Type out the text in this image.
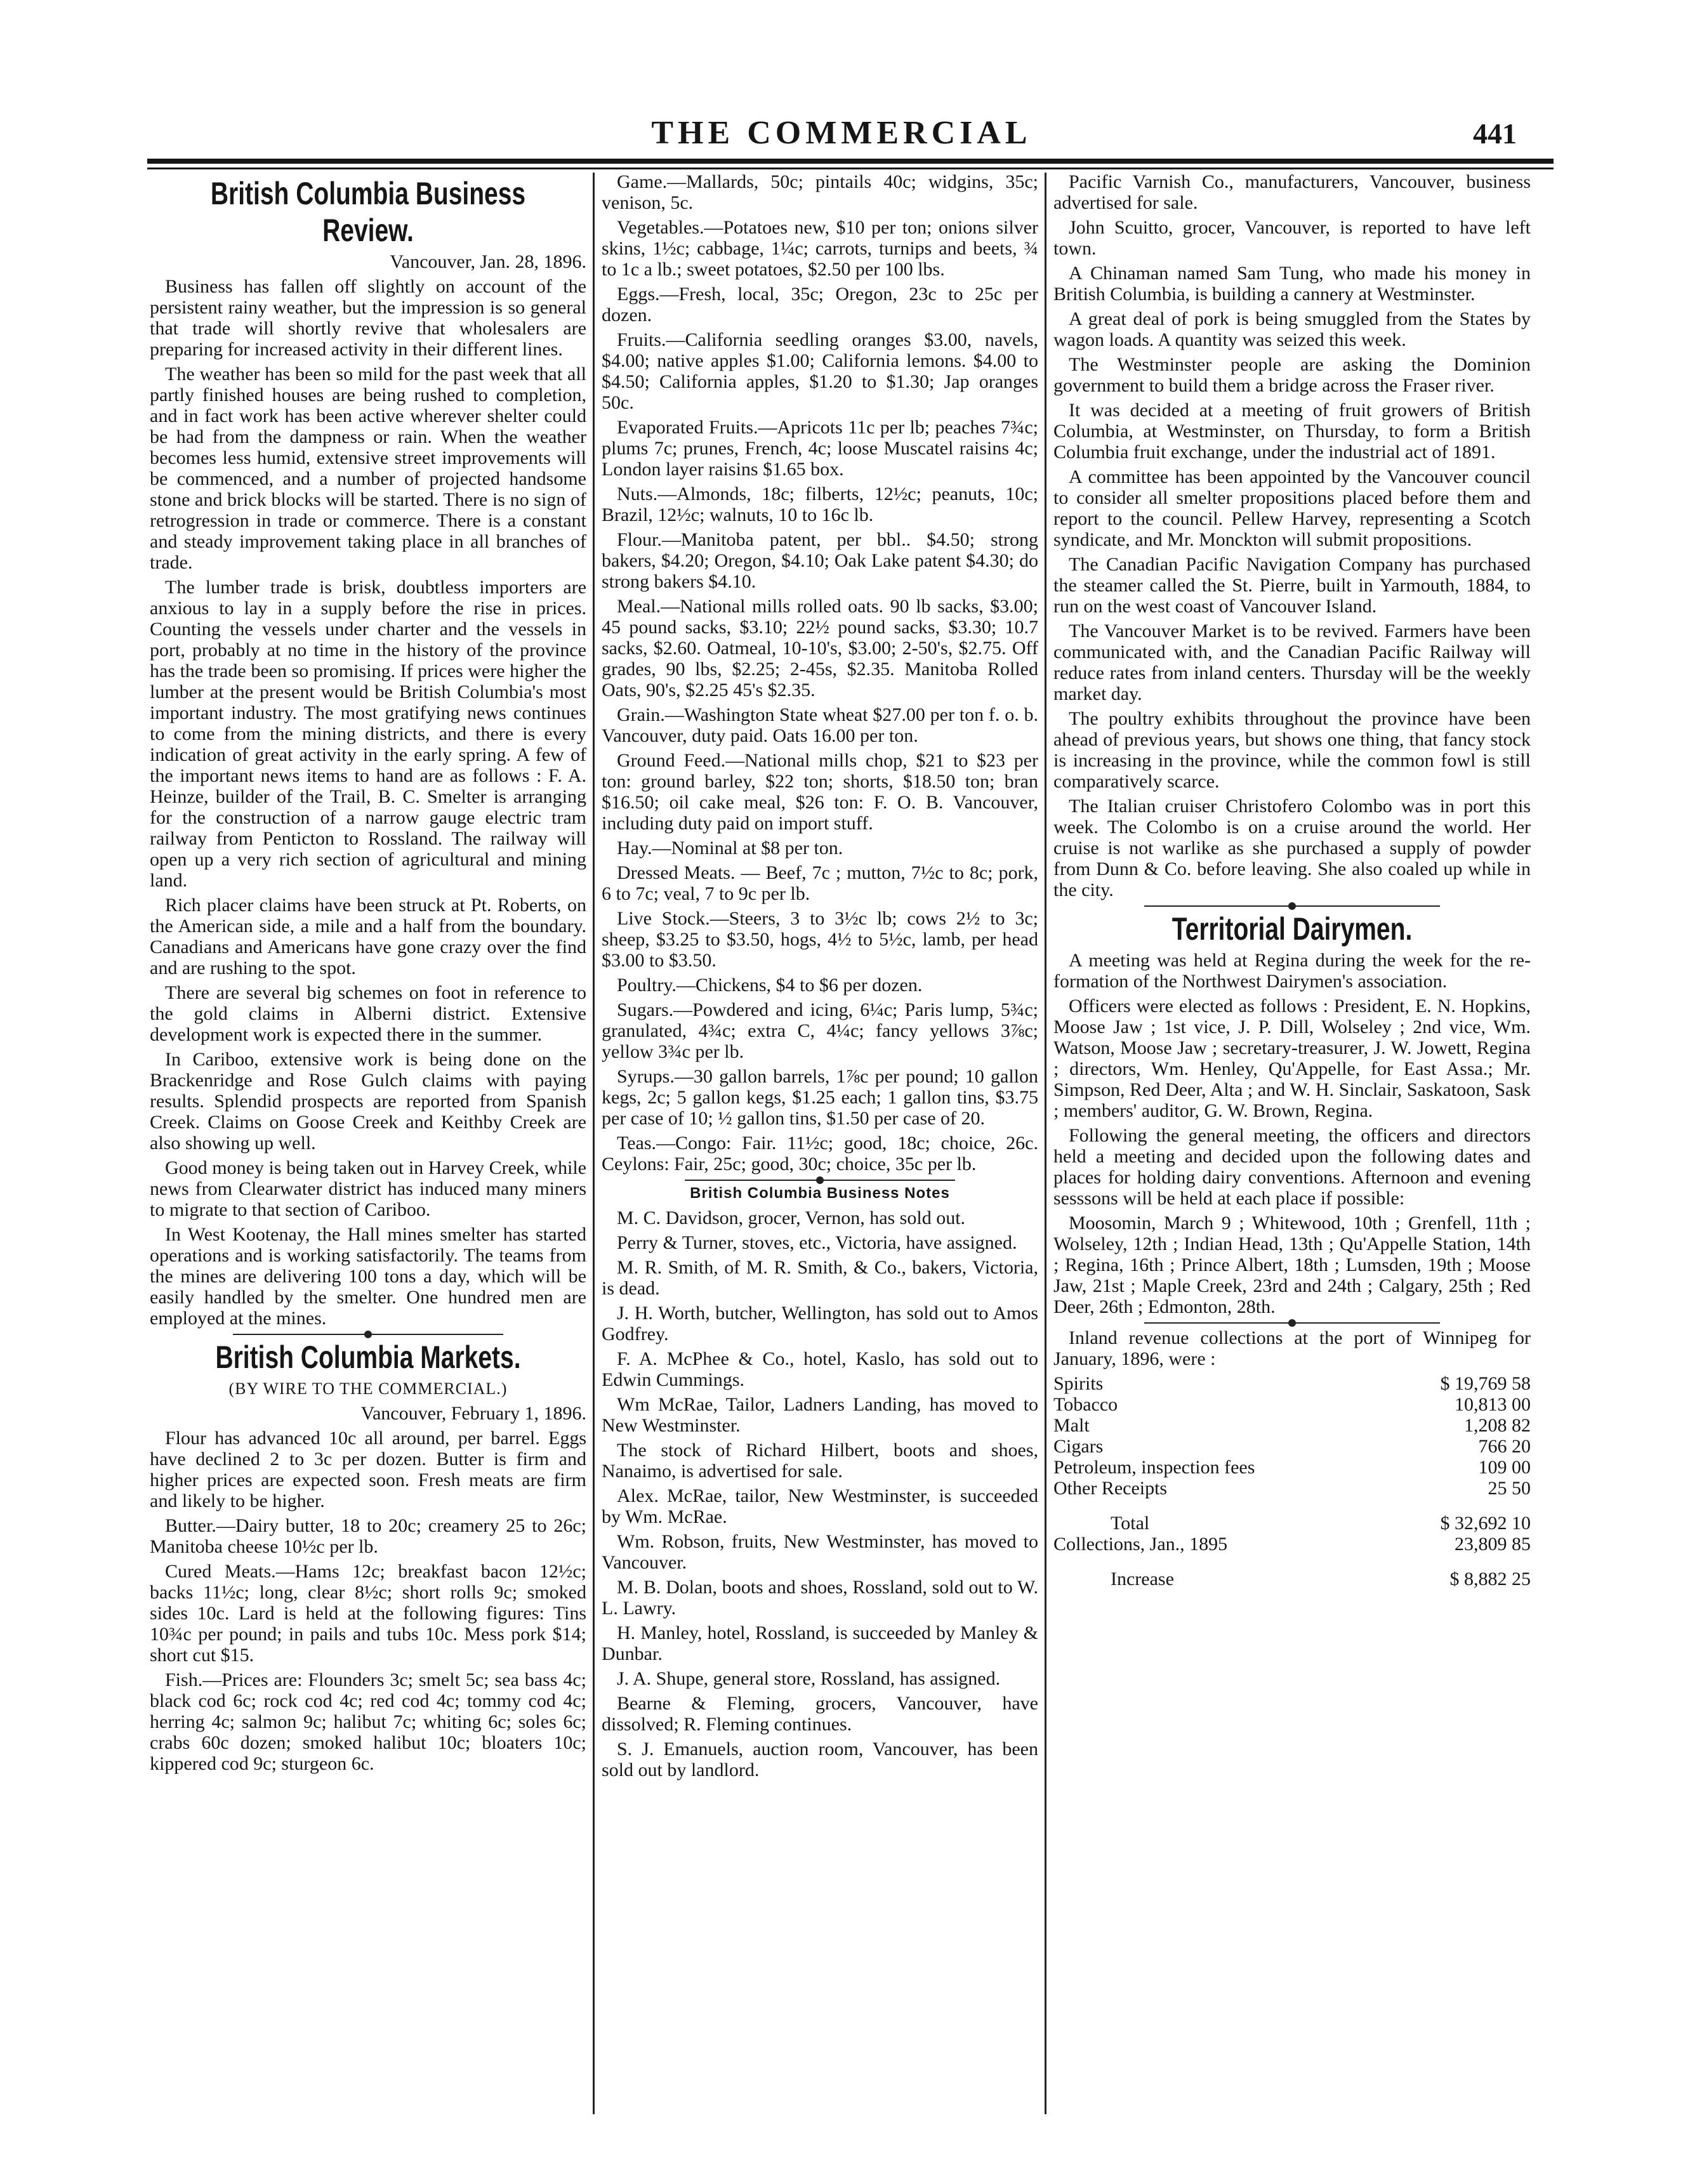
THE COMMERCIAL	441
British Columbia Business Review.

Vancouver, Jan. 28, 1896.

Business has fallen off slightly on account of the persistent rainy weather, but the impression is so general that trade will shortly revive that wholesalers are preparing for increased activity in their different lines.

The weather has been so mild for the past week that all partly finished houses are being rushed to completion, and in fact work has been active wherever shelter could be had from the dampness or rain. When the weather becomes less humid, extensive street improvements will be commenced, and a number of projected handsome stone and brick blocks will be started. There is no sign of retrogression in trade or commerce. There is a constant and steady improvement taking place in all branches of trade.

The lumber trade is brisk, doubtless importers are anxious to lay in a supply before the rise in prices. Counting the vessels under charter and the vessels in port, probably at no time in the history of the province has the trade been so promising. If prices were higher the lumber at the present would be British Columbia's most important industry. The most gratifying news continues to come from the mining districts, and there is every indication of great activity in the early spring. A few of the important news items to hand are as follows : F. A. Heinze, builder of the Trail, B. C. Smelter is arranging for the construction of a narrow gauge electric tram railway from Penticton to Rossland. The railway will open up a very rich section of agricultural and mining land.

Rich placer claims have been struck at Pt. Roberts, on the American side, a mile and a half from the boundary. Canadians and Americans have gone crazy over the find and are rushing to the spot.

There are several big schemes on foot in reference to the gold claims in Alberni district. Extensive development work is expected there in the summer.

In Cariboo, extensive work is being done on the Brackenridge and Rose Gulch claims with paying results. Splendid prospects are reported from Spanish Creek. Claims on Goose Creek and Keithby Creek are also showing up well.

Good money is being taken out in Harvey Creek, while news from Clearwater district has induced many miners to migrate to that section of Cariboo.

In West Kootenay, the Hall mines smelter has started operations and is working satisfactorily. The teams from the mines are delivering 100 tons a day, which will be easily handled by the smelter. One hundred men are employed at the mines.

British Columbia Markets.

(BY WIRE TO THE COMMERCIAL.)

Vancouver, February 1, 1896.

Flour has advanced 10c all around, per barrel. Eggs have declined 2 to 3c per dozen. Butter is firm and higher prices are expected soon. Fresh meats are firm and likely to be higher.

Butter.—Dairy butter, 18 to 20c; creamery 25 to 26c; Manitoba cheese 10½c per lb.

Cured Meats.—Hams 12c; breakfast bacon 12½c; backs 11½c; long, clear 8½c; short rolls 9c; smoked sides 10c. Lard is held at the following figures: Tins 10¾c per pound; in pails and tubs 10c. Mess pork $14; short cut $15.

Fish.—Prices are: Flounders 3c; smelt 5c; sea bass 4c; black cod 6c; rock cod 4c; red cod 4c; tommy cod 4c; herring 4c; salmon 9c; halibut 7c; whiting 6c; soles 6c; crabs 60c dozen; smoked halibut 10c; bloaters 10c; kippered cod 9c; sturgeon 6c.

Game.—Mallards, 50c; pintails 40c; widgins, 35c; venison, 5c.

Vegetables.—Potatoes new, $10 per ton; onions silver skins, 1½c; cabbage, 1¼c; carrots, turnips and beets, ¾ to 1c a lb.; sweet potatoes, $2.50 per 100 lbs.

Eggs.—Fresh, local, 35c; Oregon, 23c to 25c per dozen.

Fruits.—California seedling oranges $3.00, navels, $4.00; native apples $1.00; California lemons. $4.00 to $4.50; California apples, $1.20 to $1.30; Jap oranges 50c.

Evaporated Fruits.—Apricots 11c per lb; peaches 7¾c; plums 7c; prunes, French, 4c; loose Muscatel raisins 4c; London layer raisins $1.65 box.

Nuts.—Almonds, 18c; filberts, 12½c; peanuts, 10c; Brazil, 12½c; walnuts, 10 to 16c lb.

Flour.—Manitoba patent, per bbl.. $4.50; strong bakers, $4.20; Oregon, $4.10; Oak Lake patent $4.30; do strong bakers $4.10.

Meal.—National mills rolled oats. 90 lb sacks, $3.00; 45 pound sacks, $3.10; 22½ pound sacks, $3.30; 10.7 sacks, $2.60. Oatmeal, 10-10's, $3.00; 2-50's, $2.75. Off grades, 90 lbs, $2.25; 2-45s, $2.35. Manitoba Rolled Oats, 90's, $2.25 45's $2.35.

Grain.—Washington State wheat $27.00 per ton f. o. b. Vancouver, duty paid. Oats 16.00 per ton.

Ground Feed.—National mills chop, $21 to $23 per ton: ground barley, $22 ton; shorts, $18.50 ton; bran $16.50; oil cake meal, $26 ton: F. O. B. Vancouver, including duty paid on import stuff.

Hay.—Nominal at $8 per ton.

Dressed Meats. — Beef, 7c ; mutton, 7½c to 8c; pork, 6 to 7c; veal, 7 to 9c per lb.

Live Stock.—Steers, 3 to 3½c lb; cows 2½ to 3c; sheep, $3.25 to $3.50, hogs, 4½ to 5½c, lamb, per head $3.00 to $3.50.

Poultry.—Chickens, $4 to $6 per dozen.

Sugars.—Powdered and icing, 6¼c; Paris lump, 5¾c; granulated, 4¾c; extra C, 4¼c; fancy yellows 3⅞c; yellow 3¾c per lb.

Syrups.—30 gallon barrels, 1⅞c per pound; 10 gallon kegs, 2c; 5 gallon kegs, $1.25 each; 1 gallon tins, $3.75 per case of 10; ½ gallon tins, $1.50 per case of 20.

Teas.—Congo: Fair. 11½c; good, 18c; choice, 26c. Ceylons: Fair, 25c; good, 30c; choice, 35c per lb.

British Columbia Business Notes

M. C. Davidson, grocer, Vernon, has sold out.

Perry & Turner, stoves, etc., Victoria, have assigned.

M. R. Smith, of M. R. Smith, & Co., bakers, Victoria, is dead.

J. H. Worth, butcher, Wellington, has sold out to Amos Godfrey.

F. A. McPhee & Co., hotel, Kaslo, has sold out to Edwin Cummings.

Wm McRae, Tailor, Ladners Landing, has moved to New Westminster.

The stock of Richard Hilbert, boots and shoes, Nanaimo, is advertised for sale.

Alex. McRae, tailor, New Westminster, is succeeded by Wm. McRae.

Wm. Robson, fruits, New Westminster, has moved to Vancouver.

M. B. Dolan, boots and shoes, Rossland, sold out to W. L. Lawry.

H. Manley, hotel, Rossland, is succeeded by Manley & Dunbar.

J. A. Shupe, general store, Rossland, has assigned.

Bearne & Fleming, grocers, Vancouver, have dissolved; R. Fleming continues.

S. J. Emanuels, auction room, Vancouver, has been sold out by landlord.

Pacific Varnish Co., manufacturers, Vancouver, business advertised for sale.

John Scuitto, grocer, Vancouver, is reported to have left town.

A Chinaman named Sam Tung, who made his money in British Columbia, is building a cannery at Westminster.

A great deal of pork is being smuggled from the States by wagon loads. A quantity was seized this week.

The Westminster people are asking the Dominion government to build them a bridge across the Fraser river.

It was decided at a meeting of fruit growers of British Columbia, at Westminster, on Thursday, to form a British Columbia fruit exchange, under the industrial act of 1891.

A committee has been appointed by the Vancouver council to consider all smelter propositions placed before them and report to the council. Pellew Harvey, representing a Scotch syndicate, and Mr. Monckton will submit propositions.

The Canadian Pacific Navigation Company has purchased the steamer called the St. Pierre, built in Yarmouth, 1884, to run on the west coast of Vancouver Island.

The Vancouver Market is to be revived. Farmers have been communicated with, and the Canadian Pacific Railway will reduce rates from inland centers. Thursday will be the weekly market day.

The poultry exhibits throughout the province have been ahead of previous years, but shows one thing, that fancy stock is increasing in the province, while the common fowl is still comparatively scarce.

The Italian cruiser Christofero Colombo was in port this week. The Colombo is on a cruise around the world. Her cruise is not warlike as she purchased a supply of powder from Dunn & Co. before leaving. She also coaled up while in the city.

Territorial Dairymen.

A meeting was held at Regina during the week for the re-formation of the Northwest Dairymen's association.

Officers were elected as follows : President, E. N. Hopkins, Moose Jaw ; 1st vice, J. P. Dill, Wolseley ; 2nd vice, Wm. Watson, Moose Jaw ; secretary-treasurer, J. W. Jowett, Regina ; directors, Wm. Henley, Qu'Appelle, for East Assa.; Mr. Simpson, Red Deer, Alta ; and W. H. Sinclair, Saskatoon, Sask ; members' auditor, G. W. Brown, Regina.

Following the general meeting, the officers and directors held a meeting and decided upon the following dates and places for holding dairy conventions. Afternoon and evening sesssons will be held at each place if possible:

Moosomin, March 9 ; Whitewood, 10th ; Grenfell, 11th ; Wolseley, 12th ; Indian Head, 13th ; Qu'Appelle Station, 14th ; Regina, 16th ; Prince Albert, 18th ; Lumsden, 19th ; Moose Jaw, 21st ; Maple Creek, 23rd and 24th ; Calgary, 25th ; Red Deer, 26th ; Edmonton, 28th.

Inland revenue collections at the port of Winnipeg for January, 1896, were :

Spirits	$ 19,769 58
Tobacco	10,813 00
Malt	1,208 82
Cigars	766 20
Petroleum, inspection fees	109 00
Other Receipts	25 50
Total	$ 32,692 10
Collections, Jan., 1895	23,809 85
Increase	$ 8,882 25
